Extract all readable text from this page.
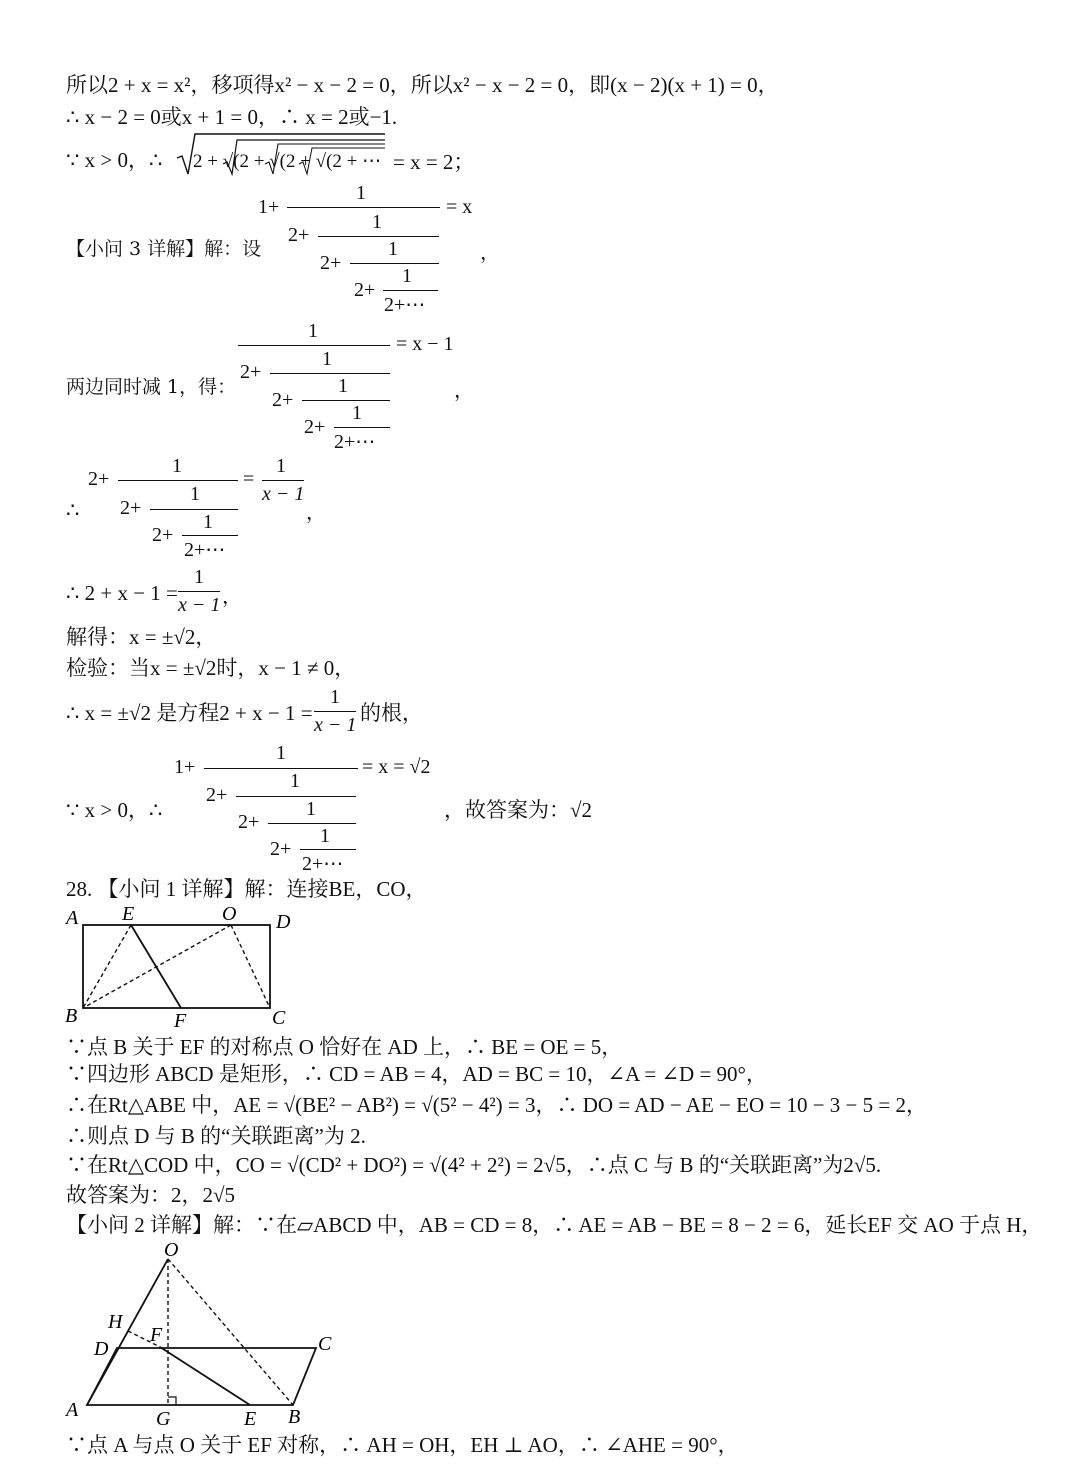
所以2 + x = x²，移项得x² − x − 2 = 0，所以x² − x − 2 = 0，即(x − 2)(x + 1) = 0，
∴ x − 2 = 0或x + 1 = 0，∴ x = 2或−1.
∵ x > 0，∴ 2 + √(2 + √(2 + √(2 + ⋯ = x = 2；
【小问 3 详解】解：设
1
1+	= x
1
2+
1
2+
1
2+
2+⋯
，
两边同时减 1，得：
1
= x − 1
1
2+
1
2+
1
2+
2+⋯
，
∴
2+
1
=
1
x − 1
，
1
2+
1
2+
2+⋯
∴ 2 + x − 1 =
1
x − 1 ，
解得：x = ±√2，
检验：当x = ±√2时，x − 1 ≠ 0，
∴ x = ±√2 是方程2 + x − 1 =
1
x − 1 的根，
∵ x > 0，∴
1+
1
= x = √2
1
2+
1
2+
1
2+
2+⋯
，故答案为：√2
28. 【小问 1 详解】解：连接BE，CO，
A E	O D
B	F	C
∵点 B 关于 EF 的对称点 O 恰好在 AD 上，∴ BE = OE = 5，
∵四边形 ABCD 是矩形，∴ CD = AB = 4，AD = BC = 10，∠A = ∠D = 90°，
∴在Rt△ABE 中，AE = √(BE² − AB²) = √(5² − 4²) = 3，∴ DO = AD − AE − EO = 10 − 3 − 5 = 2，
∴则点 D 与 B 的“关联距离”为 2.
∵在Rt△COD 中，CO = √(CD² + DO²) = √(4² + 2²) = 2√5，∴点 C 与 B 的“关联距离”为2√5.
故答案为：2，2√5
【小问 2 详解】解：∵在▱ABCD 中，AB = CD = 8，∴ AE = AB − BE = 8 − 2 = 6，延长EF 交 AO 于点 H，
O
H
F
D	C
A	G	E B
∵点 A 与点 O 关于 EF 对称，∴ AH = OH，EH ⊥ AO，∴ ∠AHE = 90°，
